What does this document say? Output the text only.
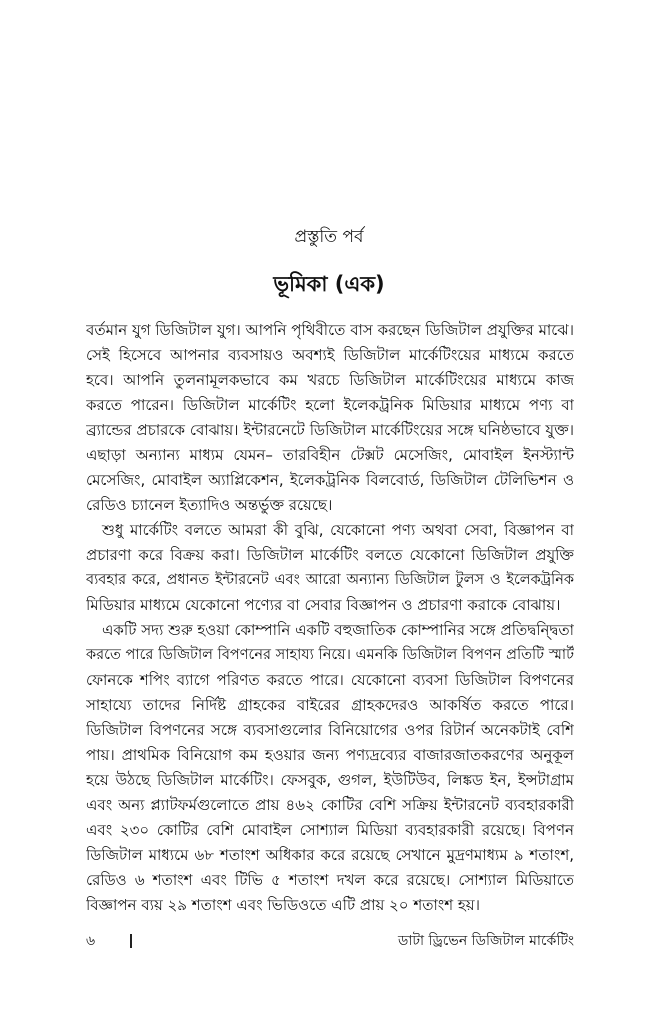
প্রস্তুতি পর্ব
ভূমিকা (এক)
বর্তমান যুগ ডিজিটাল যুগ। আপনি পৃথিবীতে বাস করছেন ডিজিটাল প্রযুক্তির মাঝে।
সেই হিসেবে আপনার ব্যবসায়ও অবশ্যই ডিজিটাল মার্কেটিংয়ের মাধ্যমে করতে
হবে। আপনি তুলনামূলকভাবে কম খরচে ডিজিটাল মার্কেটিংয়ের মাধ্যমে কাজ
করতে পারেন। ডিজিটাল মার্কেটিং হলো ইলেকট্রনিক মিডিয়ার মাধ্যমে পণ্য বা
ব্র্যান্ডের প্রচারকে বোঝায়। ইন্টারনেটে ডিজিটাল মার্কেটিংয়ের সঙ্গে ঘনিষ্ঠভাবে যুক্ত।
এছাড়া অন্যান্য মাধ্যম যেমন– তারবিহীন টেক্সট মেসেজিং, মোবাইল ইনস্ট্যান্ট
মেসেজিং, মোবাইল অ্যাপ্লিকেশন, ইলেকট্রনিক বিলবোর্ড, ডিজিটাল টেলিভিশন ও
রেডিও চ্যানেল ইত্যাদিও অন্তর্ভুক্ত রয়েছে।
শুধু মার্কেটিং বলতে আমরা কী বুঝি, যেকোনো পণ্য অথবা সেবা, বিজ্ঞাপন বা
প্রচারণা করে বিক্রয় করা। ডিজিটাল মার্কেটিং বলতে যেকোনো ডিজিটাল প্রযুক্তি
ব্যবহার করে, প্রধানত ইন্টারনেট এবং আরো অন্যান্য ডিজিটাল টুলস ও ইলেকট্রনিক
মিডিয়ার মাধ্যমে যেকোনো পণ্যের বা সেবার বিজ্ঞাপন ও প্রচারণা করাকে বোঝায়।
একটি সদ্য শুরু হওয়া কোম্পানি একটি বহুজাতিক কোম্পানির সঙ্গে প্রতিদ্বন্দ্বিতা
করতে পারে ডিজিটাল বিপণনের সাহায্য নিয়ে। এমনকি ডিজিটাল বিপণন প্রতিটি স্মার্ট
ফোনকে শপিং ব্যাগে পরিণত করতে পারে। যেকোনো ব্যবসা ডিজিটাল বিপণনের
সাহায্যে তাদের নির্দিষ্ট গ্রাহকের বাইরের গ্রাহকদেরও আকর্ষিত করতে পারে।
ডিজিটাল বিপণনের সঙ্গে ব্যবসাগুলোর বিনিয়োগের ওপর রিটার্ন অনেকটাই বেশি
পায়। প্রাথমিক বিনিয়োগ কম হওয়ার জন্য পণ্যদ্রব্যের বাজারজাতকরণের অনুকূল
হয়ে উঠছে ডিজিটাল মার্কেটিং। ফেসবুক, গুগল, ইউটিউব, লিঙ্কড ইন, ইন্সটাগ্রাম
এবং অন্য প্ল্যাটফর্মগুলোতে প্রায় ৪৬২ কোটির বেশি সক্রিয় ইন্টারনেট ব্যবহারকারী
এবং ২৩০ কোটির বেশি মোবাইল সোশ্যাল মিডিয়া ব্যবহারকারী রয়েছে। বিপণন
ডিজিটাল মাধ্যমে ৬৮ শতাংশ অধিকার করে রয়েছে সেখানে মুদ্রণমাধ্যম ৯ শতাংশ,
রেডিও ৬ শতাংশ এবং টিভি ৫ শতাংশ দখল করে রয়েছে। সোশ্যাল মিডিয়াতে
বিজ্ঞাপন ব্যয় ২৯ শতাংশ এবং ভিডিওতে এটি প্রায় ২০ শতাংশ হয়।
৬	ডাটা ড্রিভেন ডিজিটাল মার্কেটিং
